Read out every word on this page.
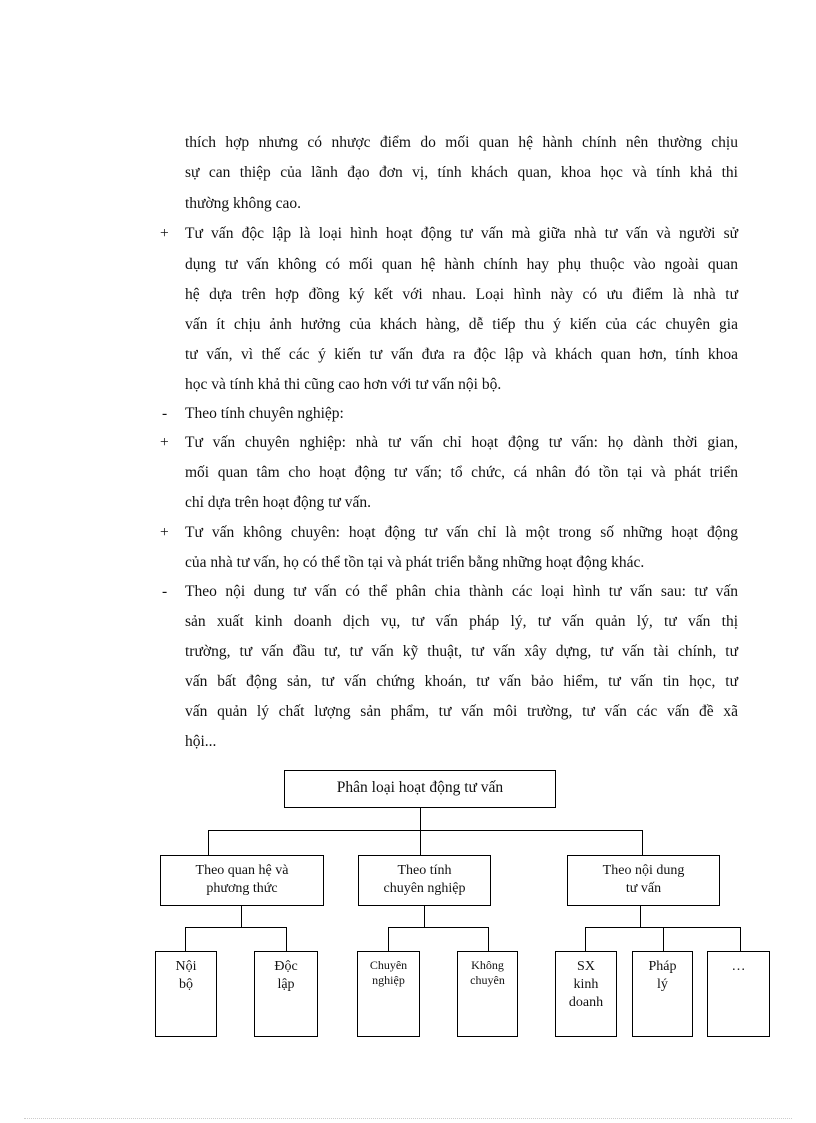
thích hợp nhưng có nhược điểm do mối quan hệ hành chính nên thường chịu
sự can thiệp của lãnh đạo đơn vị, tính khách quan, khoa học và tính khả thi
thường không cao.
+ Tư vấn độc lập là loại hình hoạt động tư vấn mà giữa nhà tư vấn và người sử
dụng tư vấn không có mối quan hệ hành chính hay phụ thuộc vào ngoài quan
hệ dựa trên hợp đồng ký kết với nhau. Loại hình này có ưu điểm là nhà tư
vấn ít chịu ảnh hưởng của khách hàng, dễ tiếp thu ý kiến của các chuyên gia
tư vấn, vì thế các ý kiến tư vấn đưa ra độc lập và khách quan hơn, tính khoa
học và tính khả thi cũng cao hơn với tư vấn nội bộ.
- Theo tính chuyên nghiệp:
+ Tư vấn chuyên nghiệp: nhà tư vấn chỉ hoạt động tư vấn: họ dành thời gian,
mối quan tâm cho hoạt động tư vấn; tổ chức, cá nhân đó tồn tại và phát triển
chỉ dựa trên hoạt động tư vấn.
+ Tư vấn không chuyên: hoạt động tư vấn chỉ là một trong số những hoạt động
của nhà tư vấn, họ có thể tồn tại và phát triển bằng những hoạt động khác.
- Theo nội dung tư vấn có thể phân chia thành các loại hình tư vấn sau: tư vấn
sản xuất kinh doanh dịch vụ, tư vấn pháp lý, tư vấn quản lý, tư vấn thị
trường, tư vấn đầu tư, tư vấn kỹ thuật, tư vấn xây dựng, tư vấn tài chính, tư
vấn bất động sản, tư vấn chứng khoán, tư vấn bảo hiểm, tư vấn tin học, tư
vấn quản lý chất lượng sản phẩm, tư vấn môi trường, tư vấn các vấn đề xã
hội...
Phân loại hoạt động tư vấn
Theo quan hệ và
phương thức
Theo tính
chuyên nghiệp
Theo nội dung
tư vấn
Nội
bộ
Độc
lập
Chuyên
nghiệp
Không
chuyên
SX
kinh
doanh
Pháp
lý
…
